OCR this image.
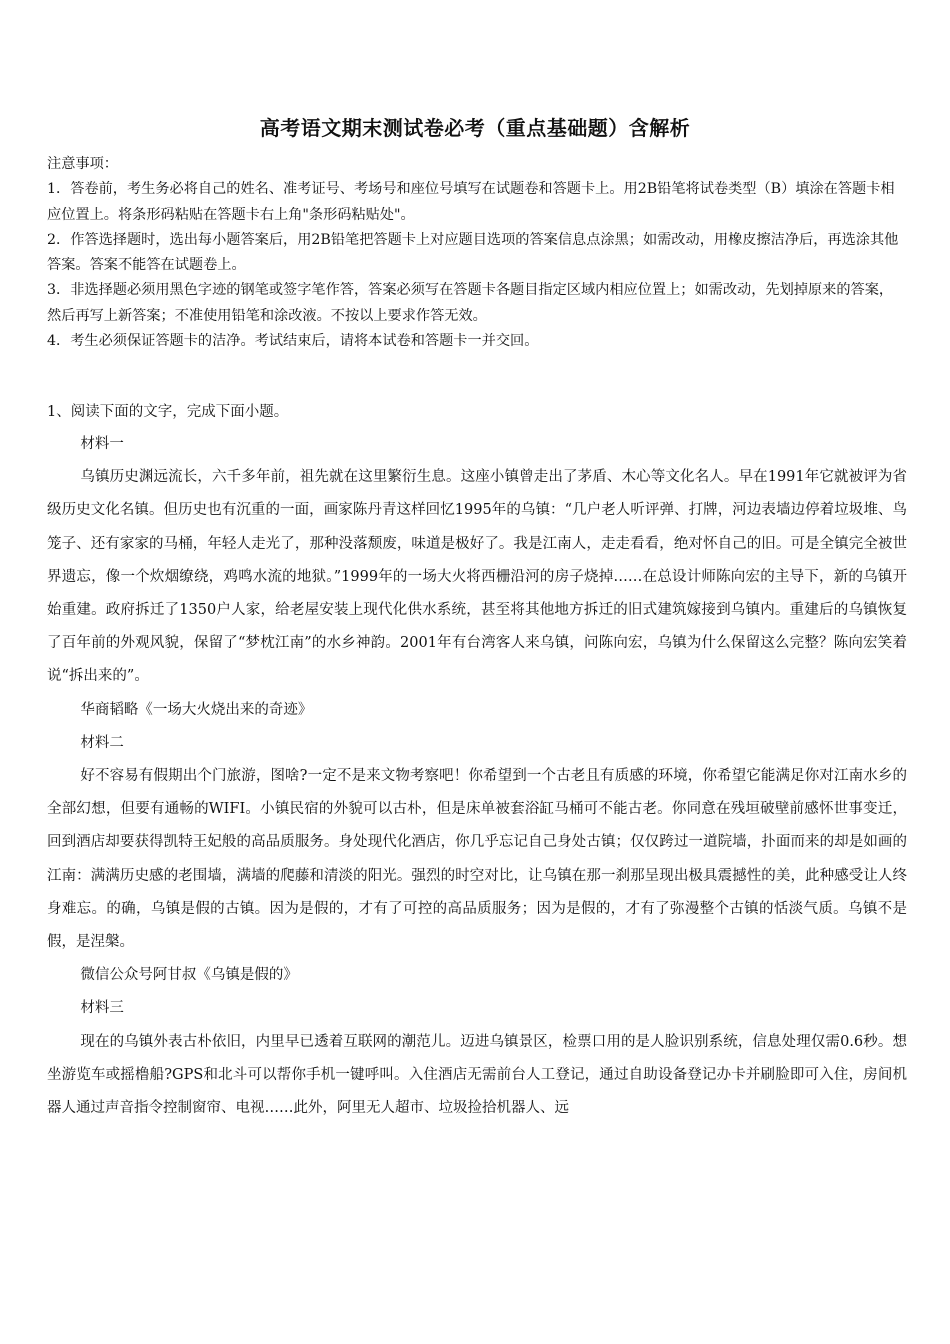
高考语文期末测试卷必考（重点基础题）含解析

注意事项：

1．答卷前，考生务必将自己的姓名、准考证号、考场号和座位号填写在试题卷和答题卡上。用2B铅笔将试卷类型（B）填涂在答题卡相应位置上。将条形码粘贴在答题卡右上角"条形码粘贴处"。

2．作答选择题时，选出每小题答案后，用2B铅笔把答题卡上对应题目选项的答案信息点涂黑；如需改动，用橡皮擦洁净后，再选涂其他答案。答案不能答在试题卷上。

3．非选择题必须用黑色字迹的钢笔或签字笔作答，答案必须写在答题卡各题目指定区域内相应位置上；如需改动，先划掉原来的答案，然后再写上新答案；不准使用铅笔和涂改液。不按以上要求作答无效。

4．考生必须保证答题卡的洁净。考试结束后，请将本试卷和答题卡一并交回。

1、阅读下面的文字，完成下面小题。

材料一

乌镇历史渊远流长，六千多年前，祖先就在这里繁衍生息。这座小镇曾走出了茅盾、木心等文化名人。早在1991年它就被评为省级历史文化名镇。但历史也有沉重的一面，画家陈丹青这样回忆1995年的乌镇：“几户老人听评弹、打牌，河边表墙边停着垃圾堆、鸟笼子、还有家家的马桶，年轻人走光了，那种没落颓废，味道是极好了。我是江南人，走走看看，绝对怀自己的旧。可是全镇完全被世界遗忘，像一个炊烟缭绕，鸡鸣水流的地狱。”1999年的一场大火将西栅沿河的房子烧掉……在总设计师陈向宏的主导下，新的乌镇开始重建。政府拆迁了1350户人家，给老屋安装上现代化供水系统，甚至将其他地方拆迁的旧式建筑嫁接到乌镇内。重建后的乌镇恢复了百年前的外观风貌，保留了“梦枕江南”的水乡神韵。2001年有台湾客人来乌镇，问陈向宏，乌镇为什么保留这么完整？陈向宏笑着说“拆出来的”。

华商韬略《一场大火烧出来的奇迹》

材料二

好不容易有假期出个门旅游，图啥?一定不是来文物考察吧！你希望到一个古老且有质感的环境，你希望它能满足你对江南水乡的全部幻想，但要有通畅的WIFI。小镇民宿的外貌可以古朴，但是床单被套浴缸马桶可不能古老。你同意在残垣破壁前感怀世事变迁，回到酒店却要获得凯特王妃般的高品质服务。身处现代化酒店，你几乎忘记自己身处古镇；仅仅跨过一道院墙，扑面而来的却是如画的江南：满满历史感的老围墙，满墙的爬藤和清淡的阳光。强烈的时空对比，让乌镇在那一刹那呈现出极具震撼性的美，此种感受让人终身难忘。的确，乌镇是假的古镇。因为是假的，才有了可控的高品质服务；因为是假的，才有了弥漫整个古镇的恬淡气质。乌镇不是假，是涅槃。

微信公众号阿甘叔《乌镇是假的》

材料三

现在的乌镇外表古朴依旧，内里早已透着互联网的潮范儿。迈进乌镇景区，检票口用的是人脸识别系统，信息处理仅需0.6秒。想坐游览车或摇橹船?GPS和北斗可以帮你手机一键呼叫。入住酒店无需前台人工登记，通过自助设备登记办卡并刷脸即可入住，房间机器人通过声音指令控制窗帘、电视……此外，阿里无人超市、垃圾捡拾机器人、远
